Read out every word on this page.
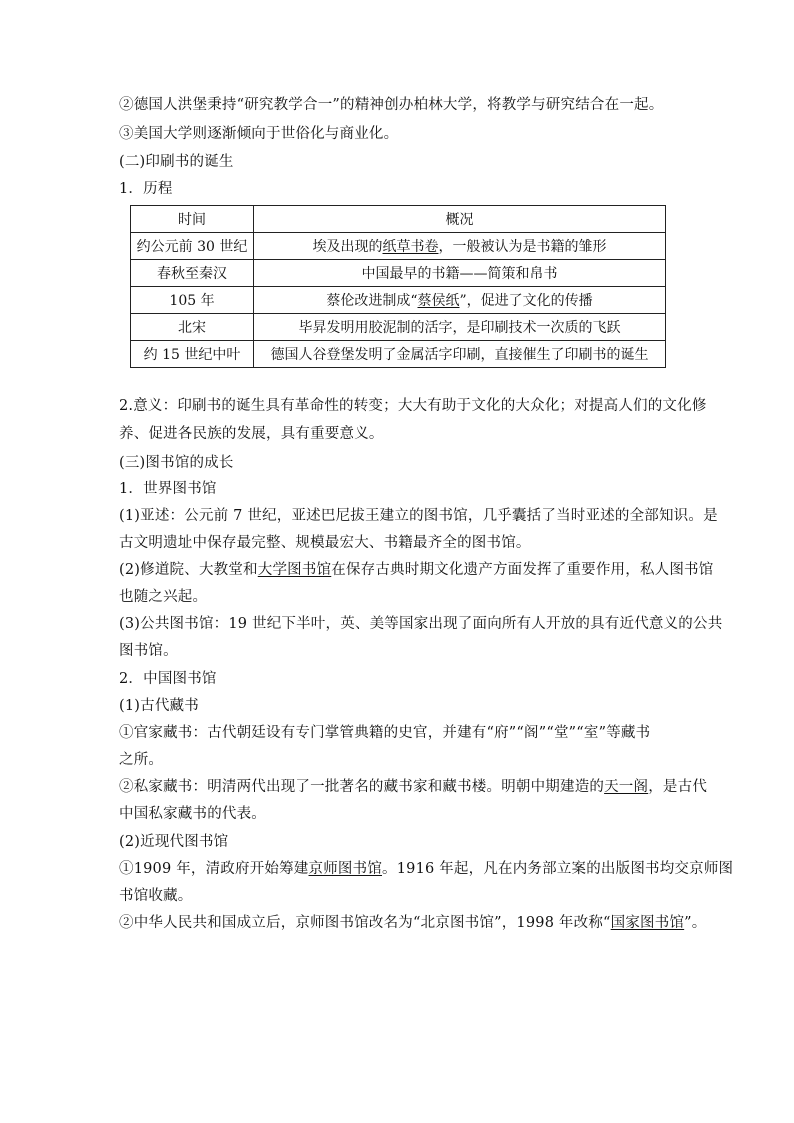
②德国人洪堡秉持“研究教学合一”的精神创办柏林大学，将教学与研究结合在一起。
③美国大学则逐渐倾向于世俗化与商业化。
(二)印刷书的诞生
1．历程
时间	概况
约公元前 30 世纪	埃及出现的纸草书卷，一般被认为是书籍的雏形
春秋至秦汉	中国最早的书籍——简策和帛书
105 年	蔡伦改进制成“蔡侯纸”，促进了文化的传播
北宋	毕昇发明用胶泥制的活字，是印刷技术一次质的飞跃
约 15 世纪中叶	德国人谷登堡发明了金属活字印刷，直接催生了印刷书的诞生
2.意义：印刷书的诞生具有革命性的转变；大大有助于文化的大众化；对提高人们的文化修
养、促进各民族的发展，具有重要意义。
(三)图书馆的成长
1．世界图书馆
(1)亚述：公元前 7 世纪，亚述巴尼拔王建立的图书馆，几乎囊括了当时亚述的全部知识。是
古文明遗址中保存最完整、规模最宏大、书籍最齐全的图书馆。
(2)修道院、大教堂和大学图书馆在保存古典时期文化遗产方面发挥了重要作用，私人图书馆
也随之兴起。
(3)公共图书馆：19 世纪下半叶，英、美等国家出现了面向所有人开放的具有近代意义的公共
图书馆。
2．中国图书馆
(1)古代藏书
①官家藏书：古代朝廷设有专门掌管典籍的史官，并建有“府”“阁”“堂”“室”等藏书
之所。
②私家藏书：明清两代出现了一批著名的藏书家和藏书楼。明朝中期建造的天一阁，是古代
中国私家藏书的代表。
(2)近现代图书馆
①1909 年，清政府开始筹建京师图书馆。1916 年起，凡在内务部立案的出版图书均交京师图
书馆收藏。
②中华人民共和国成立后，京师图书馆改名为“北京图书馆”，1998 年改称“国家图书馆”。
